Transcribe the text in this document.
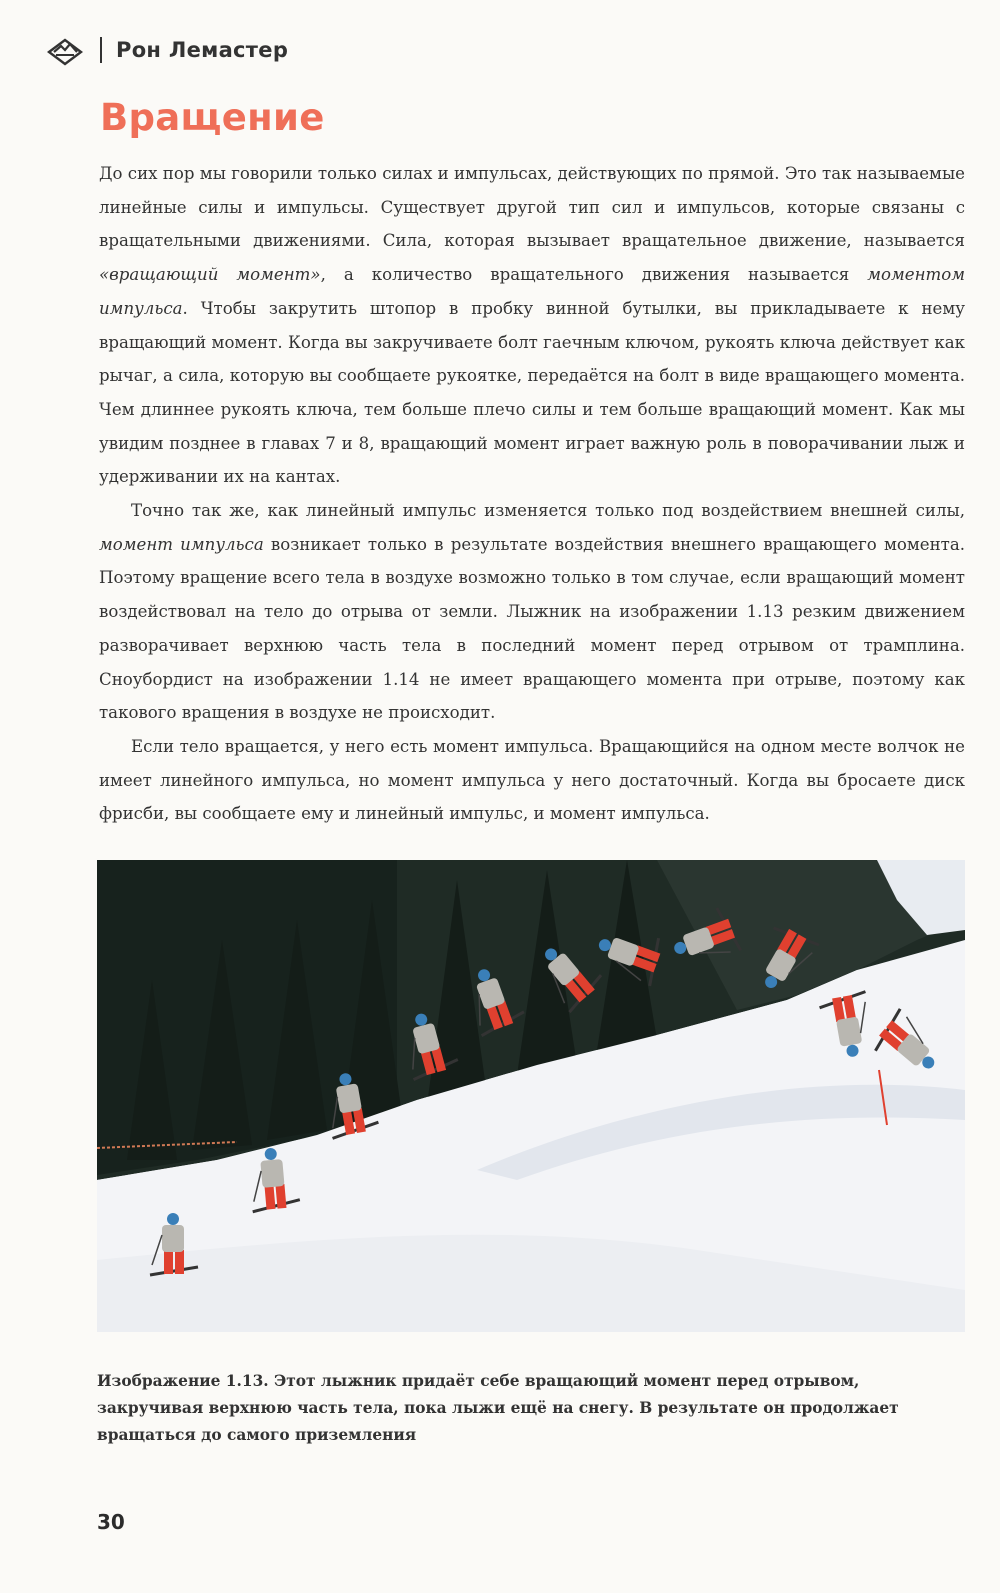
Рон Лемастер
Вращение

До сих пор мы говорили только силах и импульсах, действующих по прямой. Это так называемые линейные силы и импульсы. Существует другой тип сил и импульсов, которые связаны с вращательными движениями. Сила, которая вызывает вращательное движение, называется «вращающий момент», а количество вращательного движения называется моментом импульса. Чтобы закрутить штопор в пробку винной бутылки, вы прикладываете к нему вращающий момент. Когда вы закручиваете болт гаечным ключом, рукоять ключа действует как рычаг, а сила, которую вы сообщаете рукоятке, передаётся на болт в виде вращающего момента. Чем длиннее рукоять ключа, тем больше плечо силы и тем больше вращающий момент. Как мы увидим позднее в главах 7 и 8, вращающий момент играет важную роль в поворачивании лыж и удерживании их на кантах.

Точно так же, как линейный импульс изменяется только под воздействием внешней силы, момент импульса возникает только в результате воздействия внешнего вращающего момента. Поэтому вращение всего тела в воздухе возможно только в том случае, если вращающий момент воздействовал на тело до отрыва от земли. Лыжник на изображении 1.13 резким движением разворачивает верхнюю часть тела в последний момент перед отрывом от трамплина. Сноубордист на изображении 1.14 не имеет вращающего момента при отрыве, поэтому как такового вращения в воздухе не происходит.

Если тело вращается, у него есть момент импульса. Вращающийся на одном месте волчок не имеет линейного импульса, но момент импульса у него достаточный. Когда вы бросаете диск фрисби, вы сообщаете ему и линейный импульс, и момент импульса.

Изображение 1.13. Этот лыжник придаёт себе вращающий момент перед отрывом, закручивая верхнюю часть тела, пока лыжи ещё на снегу. В результате он продолжает вращаться до самого приземления
30
